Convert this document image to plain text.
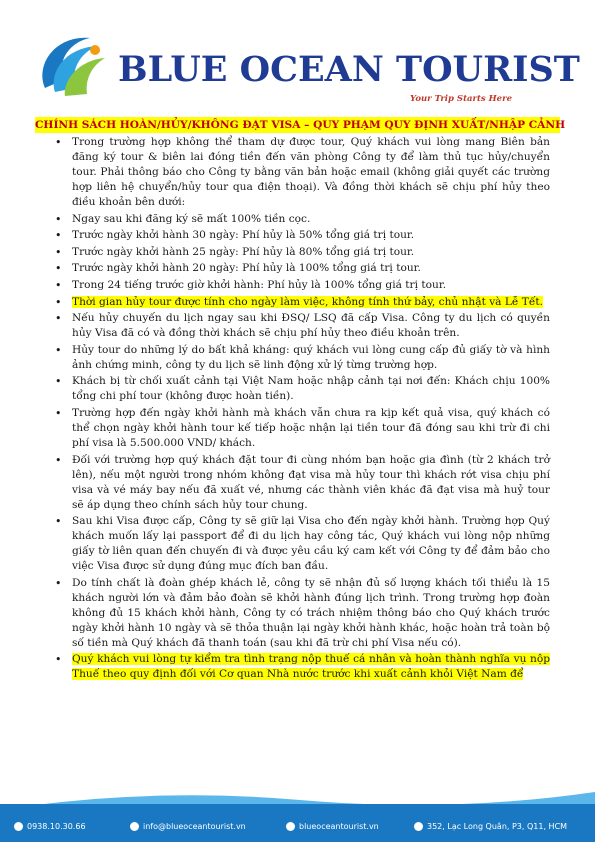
BLUE OCEAN TOURIST
Your Trip Starts Here
CHÍNH SÁCH HOÀN/HỦY/KHÔNG ĐẠT VISA – QUY PHẠM QUY ĐỊNH XUẤT/NHẬP CẢNH
• Trong trường hợp không thể tham dự được tour, Quý khách vui lòng mang Biên bản đăng ký tour & biên lai đóng tiền đến văn phòng Công ty để làm thủ tục hủy/chuyển tour. Phải thông báo cho Công ty bằng văn bản hoặc email (không giải quyết các trường hợp liên hệ chuyển/hủy tour qua điện thoại). Và đồng thời khách sẽ chịu phí hủy theo điều khoản bên dưới:
• Ngay sau khi đăng ký sẽ mất 100% tiền cọc.
• Trước ngày khởi hành 30 ngày: Phí hủy là 50% tổng giá trị tour.
• Trước ngày khởi hành 25 ngày: Phí hủy là 80% tổng giá trị tour.
• Trước ngày khởi hành 20 ngày: Phí hủy là 100% tổng giá trị tour.
• Trong 24 tiếng trước giờ khởi hành: Phí hủy là 100% tổng giá trị tour.
• Thời gian hủy tour được tính cho ngày làm việc, không tính thứ bảy, chủ nhật và Lễ Tết.
• Nếu hủy chuyến du lịch ngay sau khi ĐSQ/ LSQ đã cấp Visa. Công ty du lịch có quyền hủy Visa đã có và đồng thời khách sẽ chịu phí hủy theo điều khoản trên.
• Hủy tour do những lý do bất khả kháng: quý khách vui lòng cung cấp đủ giấy tờ và hình ảnh chứng minh, công ty du lịch sẽ linh động xử lý từng trường hợp.
• Khách bị từ chối xuất cảnh tại Việt Nam hoặc nhập cảnh tại nơi đến: Khách chịu 100% tổng chi phí tour (không được hoàn tiền).
• Trường hợp đến ngày khởi hành mà khách vẫn chưa ra kịp kết quả visa, quý khách có thể chọn ngày khởi hành tour kế tiếp hoặc nhận lại tiền tour đã đóng sau khi trừ đi chi phí visa là 5.500.000 VND/ khách.
• Đối với trường hợp quý khách đặt tour đi cùng nhóm bạn hoặc gia đình (từ 2 khách trở lên), nếu một người trong nhóm không đạt visa mà hủy tour thì khách rớt visa chịu phí visa và vé máy bay nếu đã xuất vé, nhưng các thành viên khác đã đạt visa mà huỷ tour sẽ áp dụng theo chính sách hủy tour chung.
• Sau khi Visa được cấp, Công ty sẽ giữ lại Visa cho đến ngày khởi hành. Trường hợp Quý khách muốn lấy lại passport để đi du lịch hay công tác, Quý khách vui lòng nộp những giấy tờ liên quan đến chuyến đi và được yêu cầu ký cam kết với Công ty để đảm bảo cho việc Visa được sử dụng đúng mục đích ban đầu.
• Do tính chất là đoàn ghép khách lẻ, công ty sẽ nhận đủ số lượng khách tối thiểu là 15 khách người lớn và đảm bảo đoàn sẽ khởi hành đúng lịch trình. Trong trường hợp đoàn không đủ 15 khách khởi hành, Công ty có trách nhiệm thông báo cho Quý khách trước ngày khởi hành 10 ngày và sẽ thỏa thuận lại ngày khởi hành khác, hoặc hoàn trả toàn bộ số tiền mà Quý khách đã thanh toán (sau khi đã trừ chi phí Visa nếu có).
• Quý khách vui lòng tự kiểm tra tình trạng nộp thuế cá nhân và hoàn thành nghĩa vụ nộp Thuế theo quy định đối với Cơ quan Nhà nước trước khi xuất cảnh khỏi Việt Nam để
0938.10.30.66	info@blueoceantourist.vn	blueoceantourist.vn	352, Lạc Long Quân, P3, Q11, HCM
